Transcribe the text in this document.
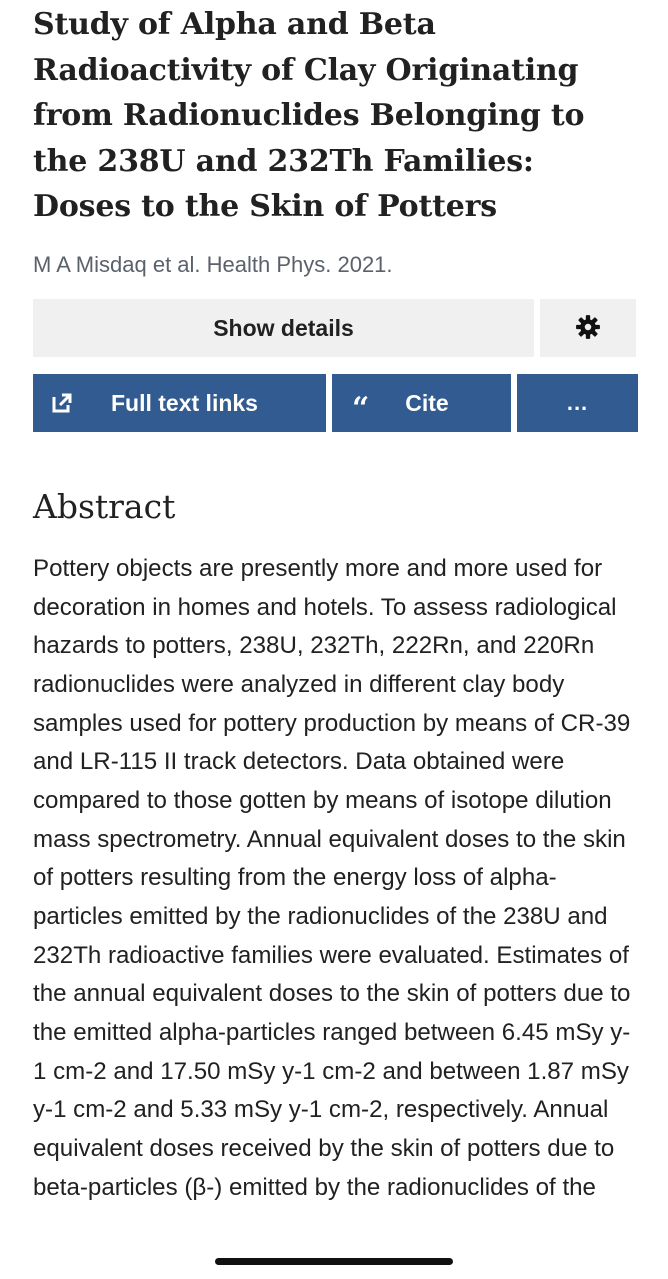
Study of Alpha and Beta Radioactivity of Clay Originating from Radionuclides Belonging to the 238U and 232Th Families: Doses to the Skin of Potters
M A Misdaq et al. Health Phys. 2021.
Show details
Full text links	“ Cite	...
Abstract

Pottery objects are presently more and more used for decoration in homes and hotels. To assess radiological hazards to potters, 238U, 232Th, 222Rn, and 220Rn radionuclides were analyzed in different clay body samples used for pottery production by means of CR-39 and LR-115 II track detectors. Data obtained were compared to those gotten by means of isotope dilution mass spectrometry. Annual equivalent doses to the skin of potters resulting from the energy loss of alpha-particles emitted by the radionuclides of the 238U and 232Th radioactive families were evaluated. Estimates of the annual equivalent doses to the skin of potters due to the emitted alpha-particles ranged between 6.45 mSy y-1 cm-2 and 17.50 mSy y-1 cm-2 and between 1.87 mSy y-1 cm-2 and 5.33 mSy y-1 cm-2, respectively. Annual equivalent doses received by the skin of potters due to beta-particles (β-) emitted by the radionuclides of the
